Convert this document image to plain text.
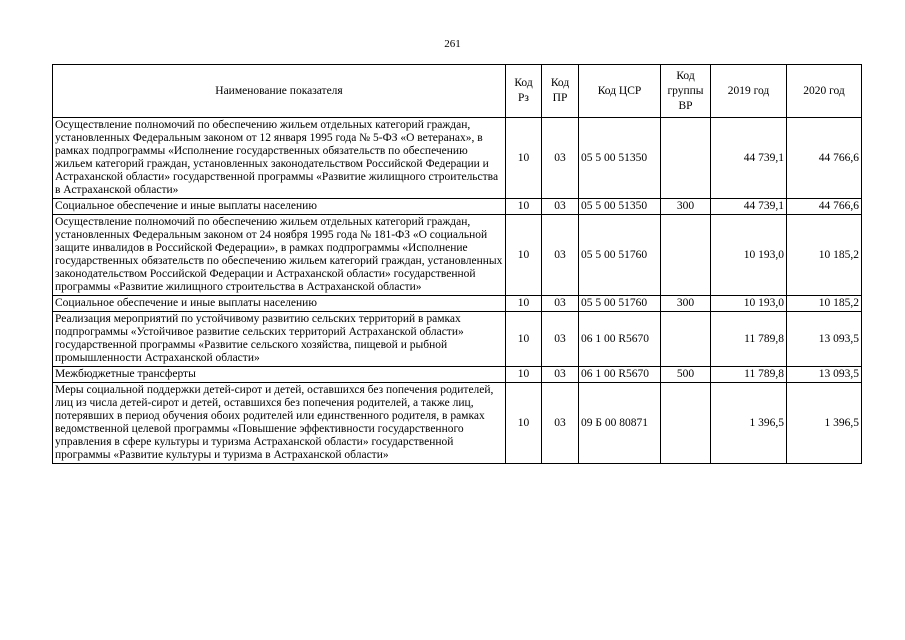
261
Наименование показателя	Код Рз	Код ПР	Код ЦСР	Код группы ВР	2019 год	2020 год
Осуществление полномочий по обеспечению жильем отдельных категорий граждан, установленных Федеральным законом от 12 января 1995 года № 5-ФЗ «О ветеранах», в рамках подпрограммы «Исполнение государственных обязательств по обеспечению жильем категорий граждан, установленных законодательством Российской Федерации и Астраханской области» государственной программы «Развитие жилищного строительства в Астраханской области»	10	03	05 5 00 51350		44 739,1	44 766,6
Социальное обеспечение и иные выплаты населению	10	03	05 5 00 51350	300	44 739,1	44 766,6
Осуществление полномочий по обеспечению жильем отдельных категорий граждан, установленных Федеральным законом от 24 ноября 1995 года № 181-ФЗ «О социальной защите инвалидов в Российской Федерации», в рамках подпрограммы «Исполнение государственных обязательств по обеспечению жильем категорий граждан, установленных законодательством Российской Федерации и Астраханской области» государственной программы «Развитие жилищного строительства в Астраханской области»	10	03	05 5 00 51760		10 193,0	10 185,2
Социальное обеспечение и иные выплаты населению	10	03	05 5 00 51760	300	10 193,0	10 185,2
Реализация мероприятий по устойчивому развитию сельских территорий в рамках подпрограммы «Устойчивое развитие сельских территорий Астраханской области» государственной программы «Развитие сельского хозяйства, пищевой и рыбной промышленности Астраханской области»	10	03	06 1 00 R5670		11 789,8	13 093,5
Межбюджетные трансферты	10	03	06 1 00 R5670	500	11 789,8	13 093,5
Меры социальной поддержки детей-сирот и детей, оставшихся без попечения родителей, лиц из числа детей-сирот и детей, оставшихся без попечения родителей, а также лиц, потерявших в период обучения обоих родителей или единственного родителя, в рамках ведомственной целевой программы «Повышение эффективности государственного управления в сфере культуры и туризма Астраханской области» государственной программы «Развитие культуры и туризма в Астраханской области»	10	03	09 Б 00 80871		1 396,5	1 396,5
